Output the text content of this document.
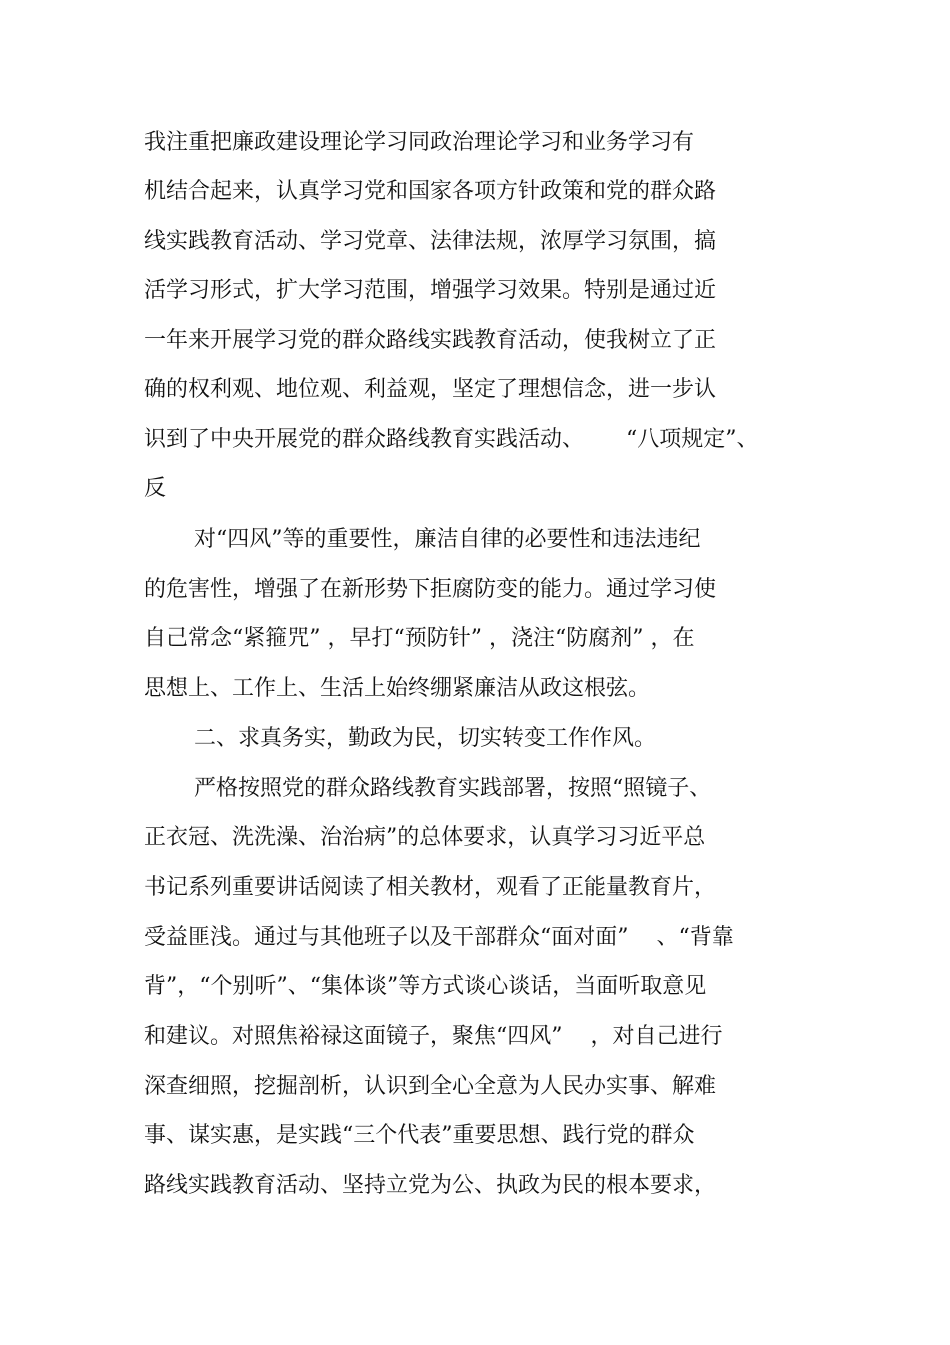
我注重把廉政建设理论学习同政治理论学习和业务学习有

机结合起来，认真学习党和国家各项方针政策和党的群众路

线实践教育活动、学习党章、法律法规，浓厚学习氛围，搞

活学习形式，扩大学习范围，增强学习效果。特别是通过近

一年来开展学习党的群众路线实践教育活动，使我树立了正

确的权利观、地位观、利益观，坚定了理想信念，进一步认

识到了中央开展党的群众路线教育实践活动、      “八项规定”、

反

对“四风”等的重要性，廉洁自律的必要性和违法违纪

的危害性，增强了在新形势下拒腐防变的能力。通过学习使

自己常念“紧箍咒” ，早打“预防针” ，浇注“防腐剂” ，在

思想上、工作上、生活上始终绷紧廉洁从政这根弦。

二、求真务实，勤政为民，切实转变工作作风。

严格按照党的群众路线教育实践部署，按照“照镜子、

正衣冠、洗洗澡、治治病”的总体要求，认真学习习近平总

书记系列重要讲话阅读了相关教材，观看了正能量教育片，

受益匪浅。通过与其他班子以及干部群众“面对面”    、“背靠

背”，“个别听”、“集体谈”等方式谈心谈话，当面听取意见

和建议。对照焦裕禄这面镜子，聚焦“四风”    ，对自己进行

深查细照，挖掘剖析，认识到全心全意为人民办实事、解难

事、谋实惠，是实践“三个代表”重要思想、践行党的群众

路线实践教育活动、坚持立党为公、执政为民的根本要求，
